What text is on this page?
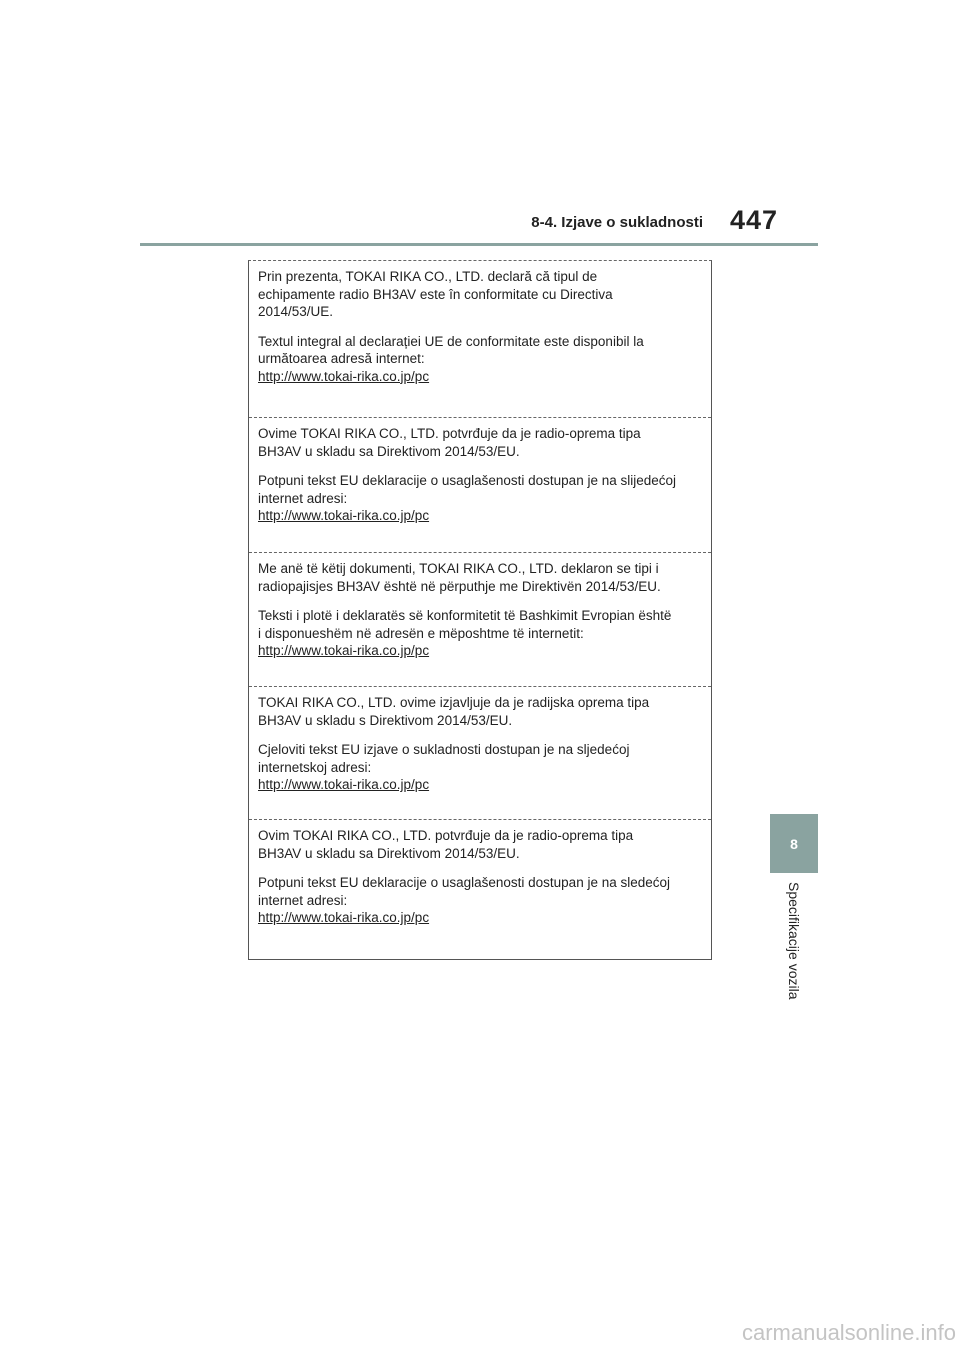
8-4. Izjave o sukladnosti 447

Prin prezenta, TOKAI RIKA CO., LTD. declară că tipul de

echipamente radio BH3AV este în conformitate cu Directiva

2014/53/UE.

Textul integral al declarației UE de conformitate este disponibil la

următoarea adresă internet:

http://www.tokai-rika.co.jp/pc

Ovime TOKAI RIKA CO., LTD. potvrđuje da je radio-oprema tipa

BH3AV u skladu sa Direktivom 2014/53/EU.

Potpuni tekst EU deklaracije o usaglašenosti dostupan je na slijedećoj

internet adresi:

http://www.tokai-rika.co.jp/pc

Me anë të këtij dokumenti, TOKAI RIKA CO., LTD. deklaron se tipi i

radiopajisjes BH3AV është në përputhje me Direktivën 2014/53/EU.

Teksti i plotë i deklaratës së konformitetit të Bashkimit Evropian është

i disponueshëm në adresën e mëposhtme të internetit:

http://www.tokai-rika.co.jp/pc

TOKAI RIKA CO., LTD. ovime izjavljuje da je radijska oprema tipa

BH3AV u skladu s Direktivom 2014/53/EU.

Cjeloviti tekst EU izjave o sukladnosti dostupan je na sljedećoj

internetskoj adresi:

http://www.tokai-rika.co.jp/pc

Ovim TOKAI RIKA CO., LTD. potvrđuje da je radio-oprema tipa

BH3AV u skladu sa Direktivom 2014/53/EU.

Potpuni tekst EU deklaracije o usaglašenosti dostupan je na sledećoj

internet adresi:

http://www.tokai-rika.co.jp/pc

8
Specifikacije vozila
carmanualsonline.info
